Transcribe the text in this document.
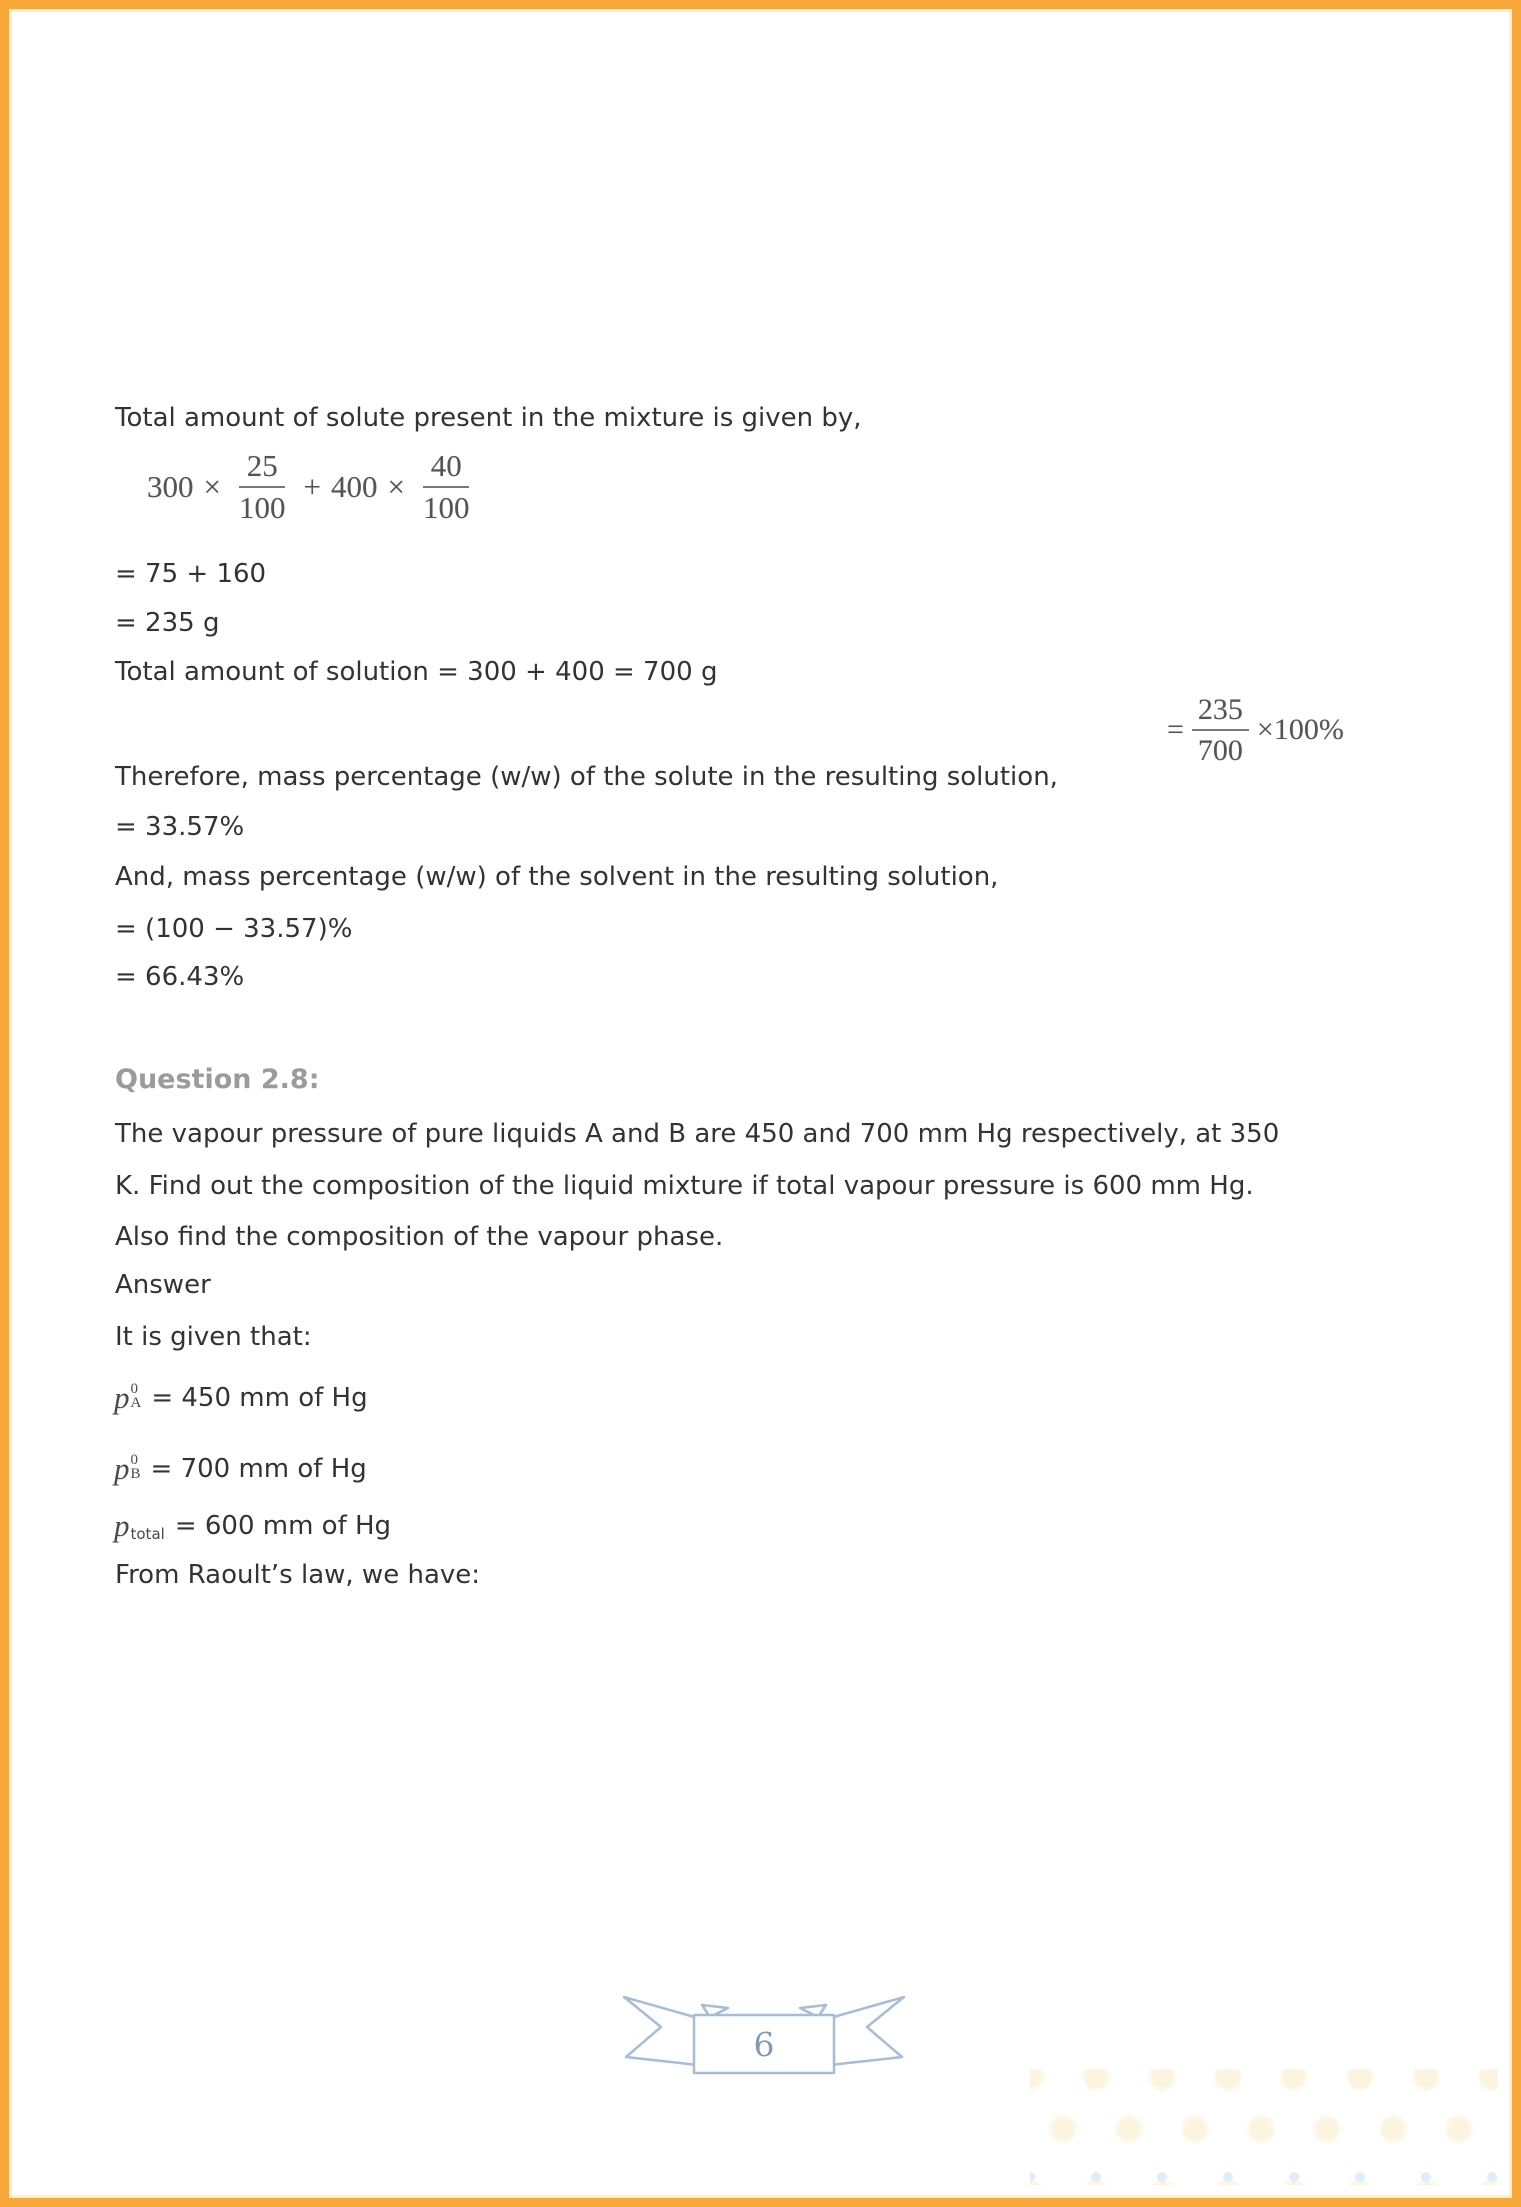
Total amount of solute present in the mixture is given by,
$300 \times \frac{25}{100} + 400 \times \frac{40}{100}$
= 75 + 160
= 235 g
Total amount of solution = 300 + 400 = 700 g
= $\frac{235}{700} \times 100\%$
Therefore, mass percentage (w/w) of the solute in the resulting solution,
= 33.57%
And, mass percentage (w/w) of the solvent in the resulting solution,
= (100 − 33.57)%
= 66.43%
Question 2.8:
The vapour pressure of pure liquids A and B are 450 and 700 mm Hg respectively, at 350
K. Find out the composition of the liquid mixture if total vapour pressure is 600 mm Hg.
Also find the composition of the vapour phase.
Answer
It is given that:
p 0
A = 450 mm of Hg
p 0
B = 700 mm of Hg
p total = 600 mm of Hg
From Raoult’s law, we have:
6
